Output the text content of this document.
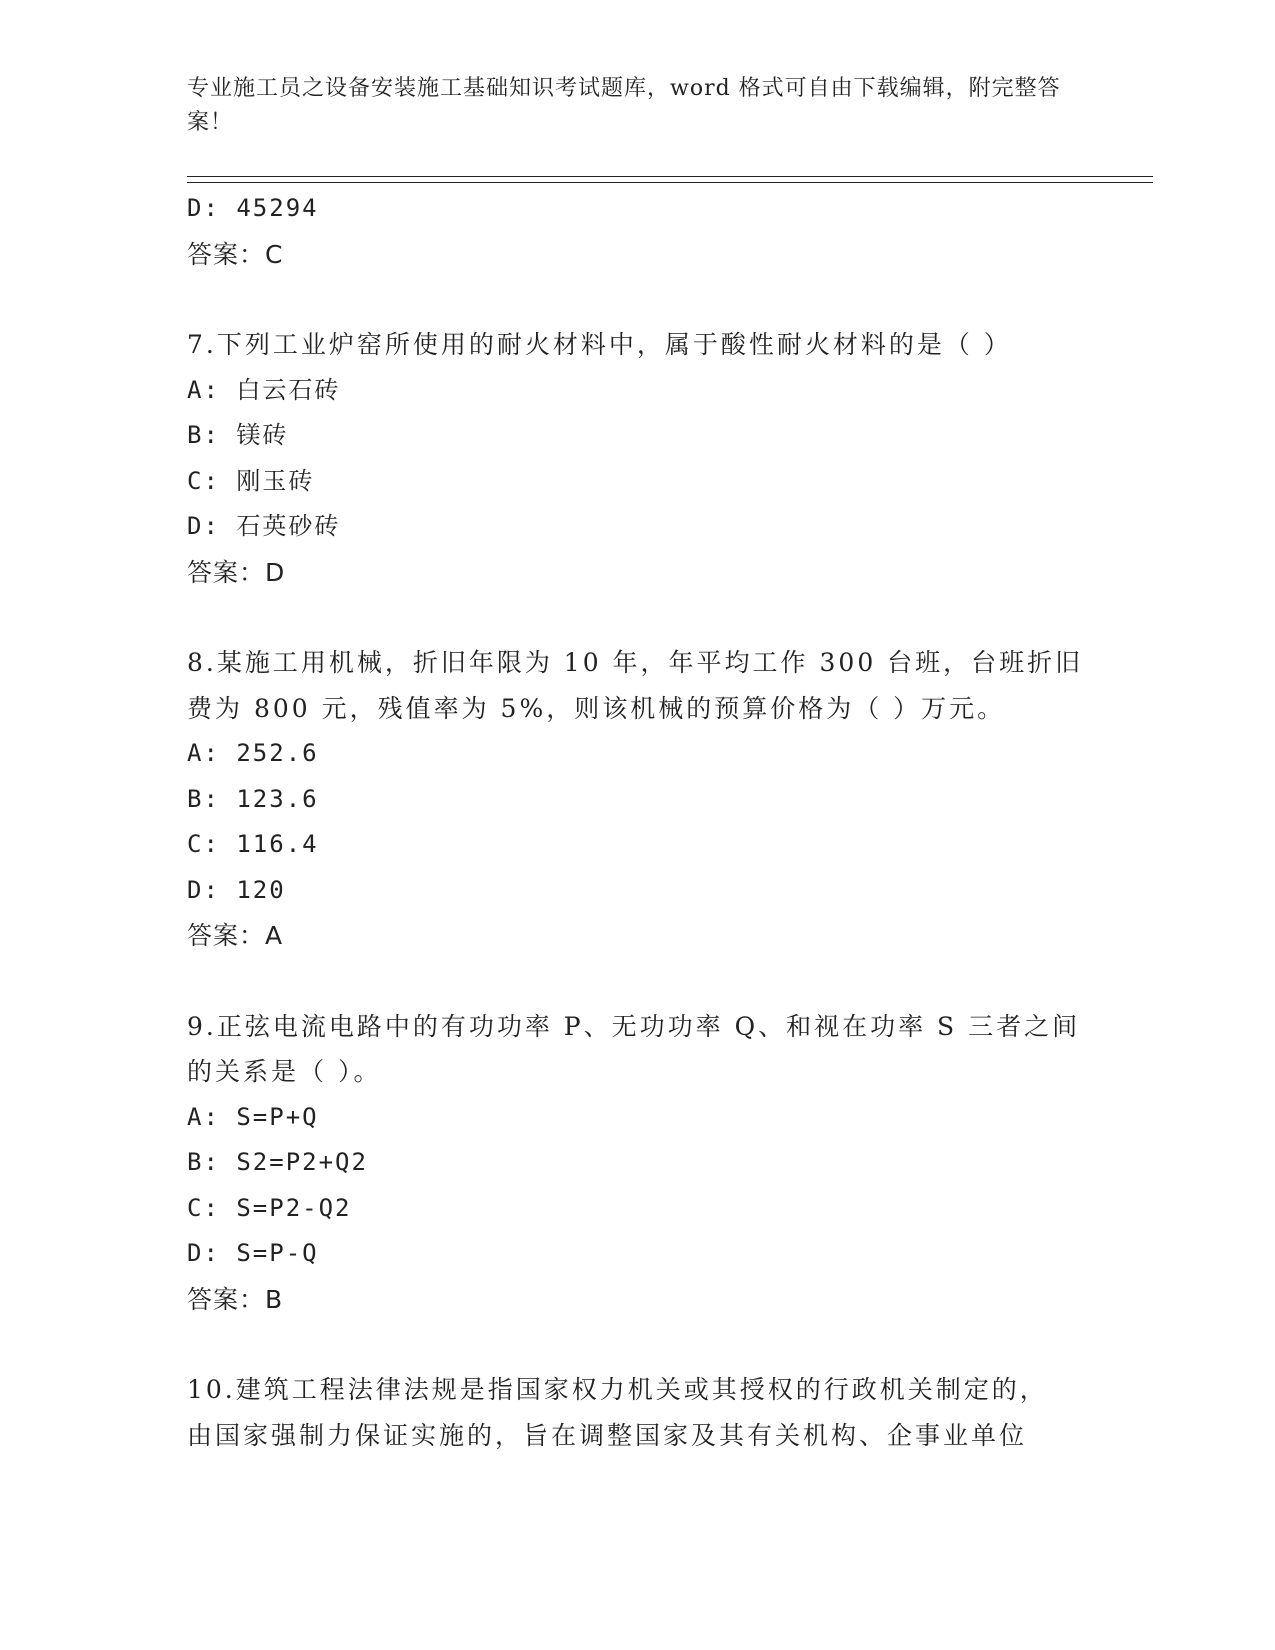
专业施工员之设备安装施工基础知识考试题库，word 格式可自由下载编辑，附完整答案！
D: 45294
答案：C
7.下列工业炉窑所使用的耐火材料中，属于酸性耐火材料的是（ ）
A: 白云石砖
B: 镁砖
C: 刚玉砖
D: 石英砂砖
答案：D
8.某施工用机械，折旧年限为 10 年，年平均工作 300 台班，台班折旧
费为 800 元，残值率为 5%，则该机械的预算价格为（ ）万元。
A: 252.6
B: 123.6
C: 116.4
D: 120
答案：A
9.正弦电流电路中的有功功率 P、无功功率 Q、和视在功率 S 三者之间
的关系是（ ）。
A: S=P+Q
B: S2=P2+Q2
C: S=P2-Q2
D: S=P-Q
答案：B
10.建筑工程法律法规是指国家权力机关或其授权的行政机关制定的，
由国家强制力保证实施的，旨在调整国家及其有关机构、企事业单位
